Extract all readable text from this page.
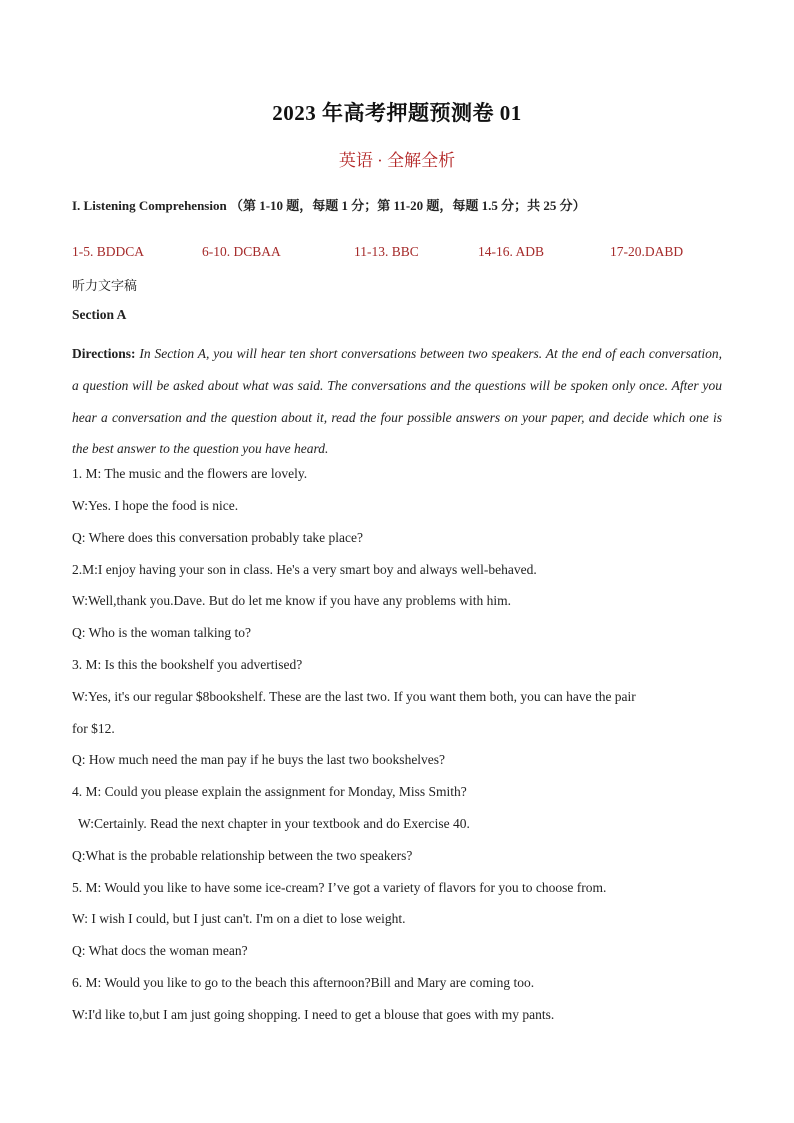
2023 年高考押题预测卷 01
英语 · 全解全析
I. Listening Comprehension （第 1-10 题，每题 1 分；第 11-20 题，每题 1.5 分；共 25 分）
1-5. BDDCA	6-10. DCBAA	11-13. BBC	14-16. ADB	17-20.DABD
听力文字稿
Section A
Directions: In Section A, you will hear ten short conversations between two speakers. At the end of each conversation, a question will be asked about what was said. The conversations and the questions will be spoken only once. After you hear a conversation and the question about it, read the four possible answers on your paper, and decide which one is the best answer to the question you have heard.
1. M: The music and the flowers are lovely.
W:Yes. I hope the food is nice.
Q: Where does this conversation probably take place?
2.M:I enjoy having your son in class. He's a very smart boy and always well-behaved.
W:Well,thank you.Dave. But do let me know if you have any problems with him.
Q: Who is the woman talking to?
3. M: Is this the bookshelf you advertised?
W:Yes, it's our regular $8bookshelf. These are the last two. If you want them both, you can have the pair
for $12.
Q: How much need the man pay if he buys the last two bookshelves?
4. M: Could you please explain the assignment for Monday, Miss Smith?
W:Certainly. Read the next chapter in your textbook and do Exercise 40.
Q:What is the probable relationship between the two speakers?
5. M: Would you like to have some ice-cream? I’ve got a variety of flavors for you to choose from.
W: I wish I could, but I just can't. I'm on a diet to lose weight.
Q: What docs the woman mean?
6. M: Would you like to go to the beach this afternoon?Bill and Mary are coming too.
W:I'd like to,but I am just going shopping. I need to get a blouse that goes with my pants.
